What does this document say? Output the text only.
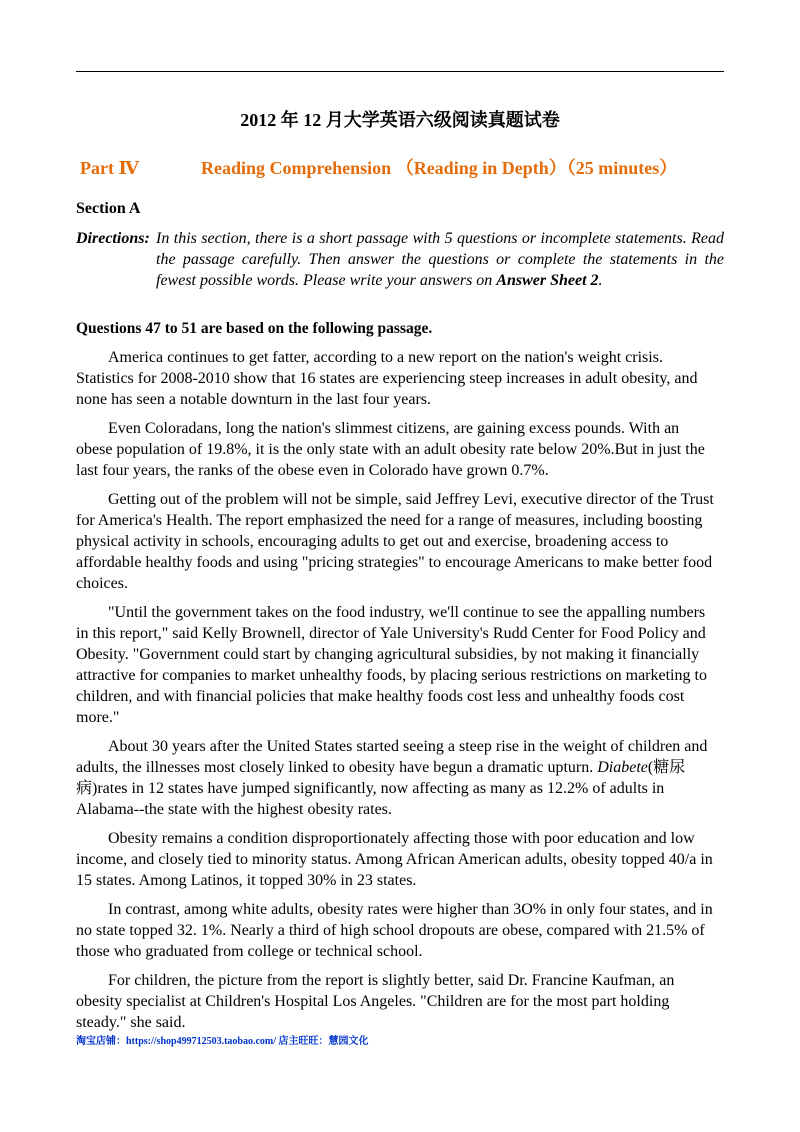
2012 年 12 月大学英语六级阅读真题试卷
Part Ⅳ	Reading Comprehension （Reading in Depth）（25 minutes）
Section A
Directions: In this section, there is a short passage with 5 questions or incomplete statements. Read
the passage carefully. Then answer the questions or complete the statements in the
fewest possible words. Please write your answers on Answer Sheet 2.
Questions 47 to 51 are based on the following passage.
America continues to get fatter, according to a new report on the nation's weight crisis.
Statistics for 2008-2010 show that 16 states are experiencing steep increases in adult obesity, and
none has seen a notable downturn in the last four years.
Even Coloradans, long the nation's slimmest citizens, are gaining excess pounds. With an
obese population of 19.8%, it is the only state with an adult obesity rate below 20%.But in just the
last four years, the ranks of the obese even in Colorado have grown 0.7%.
Getting out of the problem will not be simple, said Jeffrey Levi, executive director of the Trust
for America's Health. The report emphasized the need for a range of measures, including boosting
physical activity in schools, encouraging adults to get out and exercise, broadening access to
affordable healthy foods and using "pricing strategies" to encourage Americans to make better food
choices.
"Until the government takes on the food industry, we'll continue to see the appalling numbers
in this report," said Kelly Brownell, director of Yale University's Rudd Center for Food Policy and
Obesity. "Government could start by changing agricultural subsidies, by not making it financially
attractive for companies to market unhealthy foods, by placing serious restrictions on marketing to
children, and with financial policies that make healthy foods cost less and unhealthy foods cost
more."
About 30 years after the United States started seeing a steep rise in the weight of children and
adults, the illnesses most closely linked to obesity have begun a dramatic upturn. Diabete(糖尿
病)rates in 12 states have jumped significantly, now affecting as many as 12.2% of adults in
Alabama--the state with the highest obesity rates.
Obesity remains a condition disproportionately affecting those with poor education and low
income, and closely tied to minority status. Among African American adults, obesity topped 40/a in
15 states. Among Latinos, it topped 30% in 23 states.
In contrast, among white adults, obesity rates were higher than 3O% in only four states, and in
no state topped 32. 1%. Nearly a third of high school dropouts are obese, compared with 21.5% of
those who graduated from college or technical school.
For children, the picture from the report is slightly better, said Dr. Francine Kaufman, an
obesity specialist at Children's Hospital Los Angeles. "Children are for the most part holding
steady." she said.
淘宝店铺：https://shop499712503.taobao.com/ 店主旺旺：慧园文化
